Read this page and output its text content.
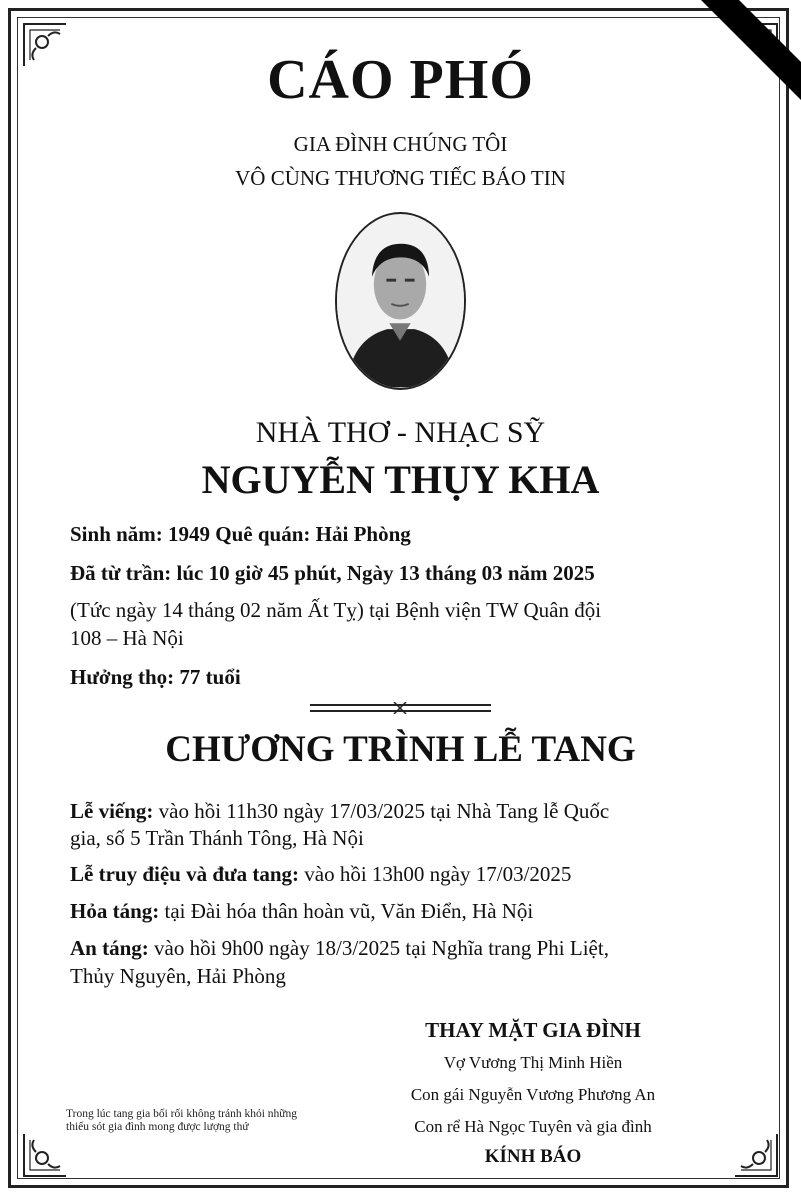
CÁO PHÓ
GIA ĐÌNH CHÚNG TÔI
VÔ CÙNG THƯƠNG TIẾC BÁO TIN
NHÀ THƠ - NHẠC SỸ
NGUYỄN THỤY KHA
Sinh năm: 1949 Quê quán: Hải Phòng
Đã từ trần: lúc 10 giờ 45 phút, Ngày 13 tháng 03 năm 2025
(Tức ngày 14 tháng 02 năm Ất Tỵ) tại Bệnh viện TW Quân đội
108 – Hà Nội
Hưởng thọ: 77 tuổi
CHƯƠNG TRÌNH LỄ TANG
Lễ viếng: vào hồi 11h30 ngày 17/03/2025 tại Nhà Tang lễ Quốc
gia, số 5 Trần Thánh Tông, Hà Nội
Lễ truy điệu và đưa tang: vào hồi 13h00 ngày 17/03/2025
Hỏa táng: tại Đài hóa thân hoàn vũ, Văn Điển, Hà Nội
An táng: vào hồi 9h00 ngày 18/3/2025 tại Nghĩa trang Phi Liệt,
Thủy Nguyên, Hải Phòng
THAY MẶT GIA ĐÌNH
Vợ Vương Thị Minh Hiền
Con gái Nguyễn Vương Phương An
Con rể Hà Ngọc Tuyên và gia đình
KÍNH BÁO
Trong lúc tang gia bối rối không tránh khỏi những thiếu sót gia đình mong được lượng thứ
